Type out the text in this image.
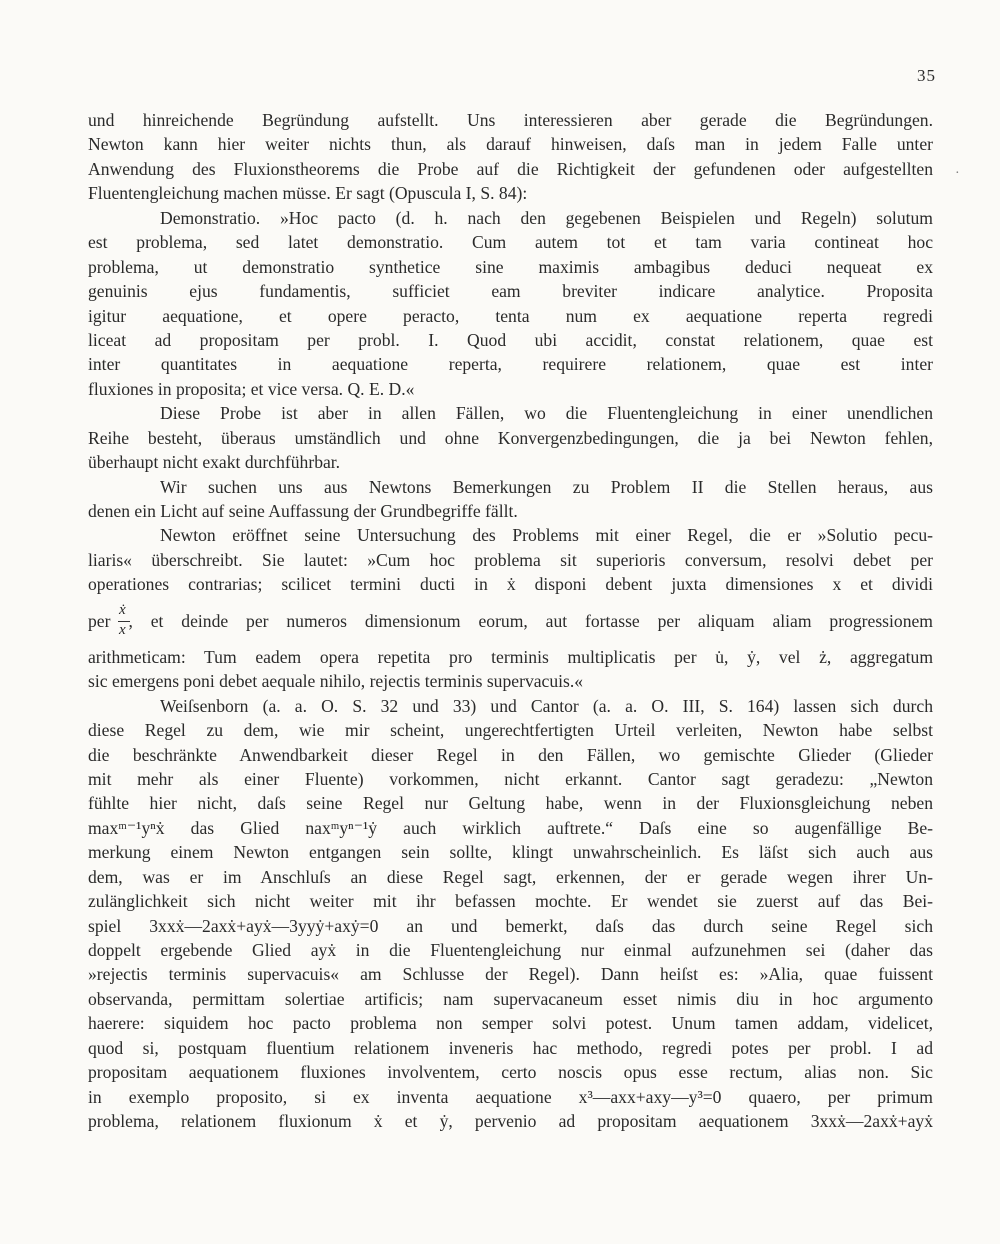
35
·
und hinreichende Begründung aufstellt. Uns interessieren aber gerade die Begründungen.
Newton kann hier weiter nichts thun, als darauf hinweisen, daſs man in jedem Falle unter
Anwendung des Fluxionstheorems die Probe auf die Richtigkeit der gefundenen oder aufgestellten
Fluentengleichung machen müsse. Er sagt (Opuscula I, S. 84):
Demonstratio. »Hoc pacto (d. h. nach den gegebenen Beispielen und Regeln) solutum
est problema, sed latet demonstratio. Cum autem tot et tam varia contineat hoc
problema, ut demonstratio synthetice sine maximis ambagibus deduci nequeat ex
genuinis ejus fundamentis, sufficiet eam breviter indicare analytice. Proposita
igitur aequatione, et opere peracto, tenta num ex aequatione reperta regredi
liceat ad propositam per probl. I. Quod ubi accidit, constat relationem, quae est
inter quantitates in aequatione reperta, requirere relationem, quae est inter
fluxiones in proposita; et vice versa. Q. E. D.«
Diese Probe ist aber in allen Fällen, wo die Fluentengleichung in einer unendlichen
Reihe besteht, überaus umständlich und ohne Konvergenzbedingungen, die ja bei Newton fehlen,
überhaupt nicht exakt durchführbar.
Wir suchen uns aus Newtons Bemerkungen zu Problem II die Stellen heraus, aus
denen ein Licht auf seine Auffassung der Grundbegriffe fällt.
Newton eröffnet seine Untersuchung des Problems mit einer Regel, die er »Solutio pecu-
liaris« überschreibt. Sie lautet: »Cum hoc problema sit superioris conversum, resolvi debet per
operationes contrarias; scilicet termini ducti in ẋ disponi debent juxta dimensiones x et dividi
per , et deinde per numeros dimensionum eorum, aut fortasse per aliquam aliam progressionem
ẋ
x
arithmeticam: Tum eadem opera repetita pro terminis multiplicatis per u̇, ẏ, vel ż, aggregatum
sic emergens poni debet aequale nihilo, rejectis terminis supervacuis.«
Weiſsenborn (a. a. O. S. 32 und 33) und Cantor (a. a. O. III, S. 164) lassen sich durch
diese Regel zu dem, wie mir scheint, ungerechtfertigten Urteil verleiten, Newton habe selbst
die beschränkte Anwendbarkeit dieser Regel in den Fällen, wo gemischte Glieder (Glieder
mit mehr als einer Fluente) vorkommen, nicht erkannt. Cantor sagt geradezu: „Newton
fühlte hier nicht, daſs seine Regel nur Geltung habe, wenn in der Fluxionsgleichung neben
maxᵐ⁻¹yⁿẋ das Glied naxᵐyⁿ⁻¹ẏ auch wirklich auftrete.“ Daſs eine so augenfällige Be-
merkung einem Newton entgangen sein sollte, klingt unwahrscheinlich. Es läſst sich auch aus
dem, was er im Anschluſs an diese Regel sagt, erkennen, der er gerade wegen ihrer Un-
zulänglichkeit sich nicht weiter mit ihr befassen mochte. Er wendet sie zuerst auf das Bei-
spiel 3xxẋ—2axẋ+ayẋ—3yyẏ+axẏ=0 an und bemerkt, daſs das durch seine Regel sich
doppelt ergebende Glied ayẋ in die Fluentengleichung nur einmal aufzunehmen sei (daher das
»rejectis terminis supervacuis« am Schlusse der Regel). Dann heiſst es: »Alia, quae fuissent
observanda, permittam solertiae artificis; nam supervacaneum esset nimis diu in hoc argumento
haerere: siquidem hoc pacto problema non semper solvi potest. Unum tamen addam, videlicet,
quod si, postquam fluentium relationem inveneris hac methodo, regredi potes per probl. I ad
propositam aequationem fluxiones involventem, certo noscis opus esse rectum, alias non. Sic
in exemplo proposito, si ex inventa aequatione x³—axx+axy—y³=0 quaero, per primum
problema, relationem fluxionum ẋ et ẏ, pervenio ad propositam aequationem 3xxẋ—2axẋ+ayẋ
